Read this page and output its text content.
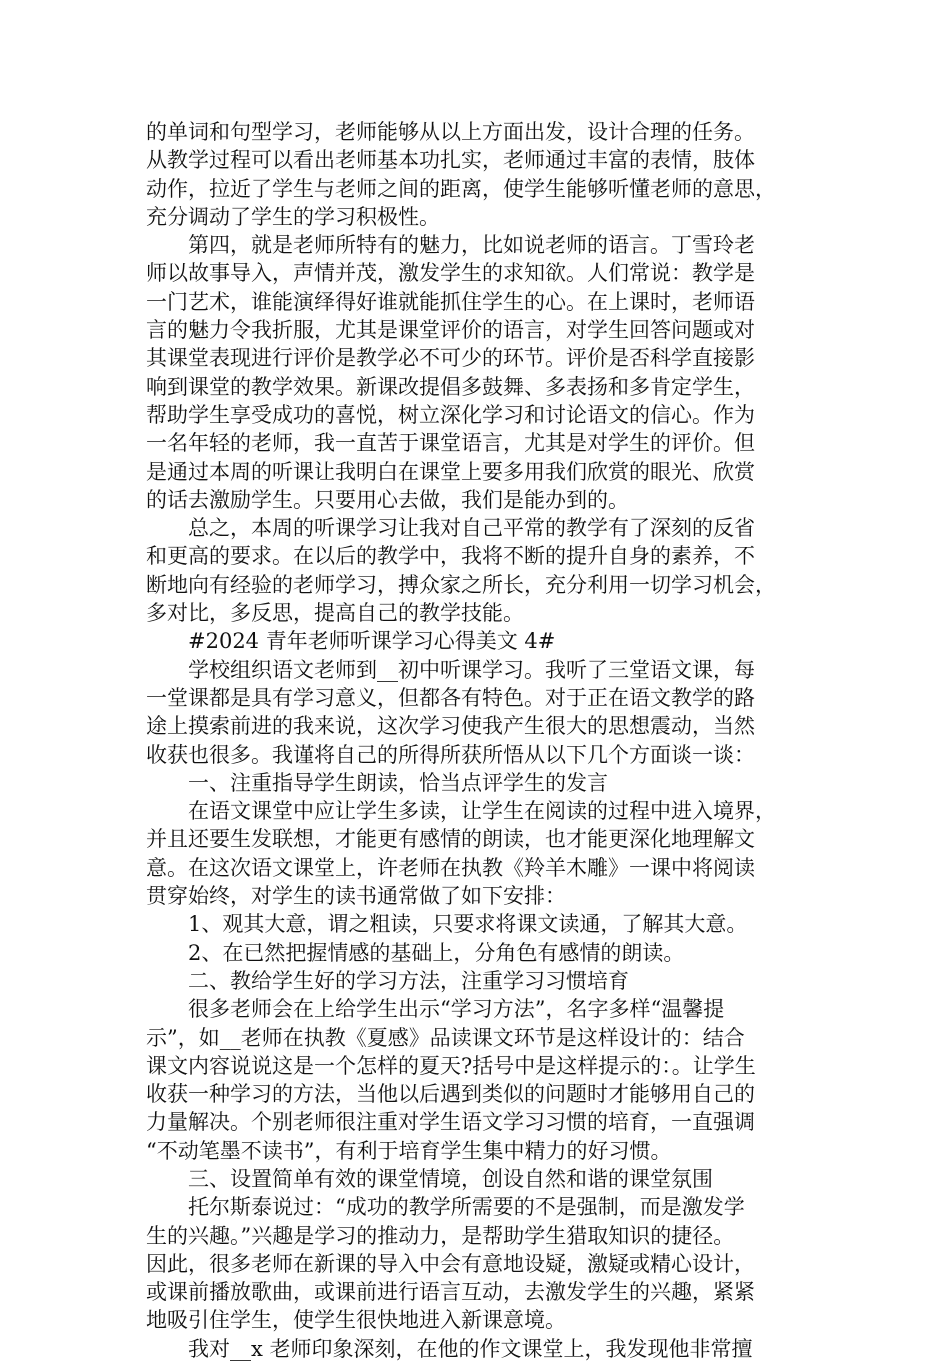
的单词和句型学习，老师能够从以上方面出发，设计合理的任务。
从教学过程可以看出老师基本功扎实，老师通过丰富的表情，肢体
动作，拉近了学生与老师之间的距离，使学生能够听懂老师的意思，
充分调动了学生的学习积极性。
第四，就是老师所特有的魅力，比如说老师的语言。丁雪玲老
师以故事导入，声情并茂，激发学生的求知欲。人们常说：教学是
一门艺术，谁能演绎得好谁就能抓住学生的心。在上课时，老师语
言的魅力令我折服，尤其是课堂评价的语言，对学生回答问题或对
其课堂表现进行评价是教学必不可少的环节。评价是否科学直接影
响到课堂的教学效果。新课改提倡多鼓舞、多表扬和多肯定学生，
帮助学生享受成功的喜悦，树立深化学习和讨论语文的信心。作为
一名年轻的老师，我一直苦于课堂语言，尤其是对学生的评价。但
是通过本周的听课让我明白在课堂上要多用我们欣赏的眼光、欣赏
的话去激励学生。只要用心去做，我们是能办到的。
总之，本周的听课学习让我对自己平常的教学有了深刻的反省
和更高的要求。在以后的教学中，我将不断的提升自身的素养，不
断地向有经验的老师学习，搏众家之所长，充分利用一切学习机会，
多对比，多反思，提高自己的教学技能。
#2024 青年老师听课学习心得美文 4#
学校组织语文老师到__初中听课学习。我听了三堂语文课，每
一堂课都是具有学习意义，但都各有特色。对于正在语文教学的路
途上摸索前进的我来说，这次学习使我产生很大的思想震动，当然
收获也很多。我谨将自己的所得所获所悟从以下几个方面谈一谈：
一、注重指导学生朗读，恰当点评学生的发言
在语文课堂中应让学生多读，让学生在阅读的过程中进入境界，
并且还要生发联想，才能更有感情的朗读，也才能更深化地理解文
意。在这次语文课堂上，许老师在执教《羚羊木雕》一课中将阅读
贯穿始终，对学生的读书通常做了如下安排：
1、观其大意，谓之粗读，只要求将课文读通，了解其大意。
2、在已然把握情感的基础上，分角色有感情的朗读。
二、教给学生好的学习方法，注重学习习惯培育
很多老师会在上给学生出示“学习方法”，名字多样“温馨提
示”，如__老师在执教《夏感》品读课文环节是这样设计的：结合
课文内容说说这是一个怎样的夏天?括号中是这样提示的：。让学生
收获一种学习的方法，当他以后遇到类似的问题时才能够用自己的
力量解决。个别老师很注重对学生语文学习习惯的培育，一直强调
“不动笔墨不读书”，有利于培育学生集中精力的好习惯。
三、设置简单有效的课堂情境，创设自然和谐的课堂氛围
托尔斯泰说过：“成功的教学所需要的不是强制，而是激发学
生的兴趣。”兴趣是学习的推动力，是帮助学生猎取知识的捷径。
因此，很多老师在新课的导入中会有意地设疑，激疑或精心设计，
或课前播放歌曲，或课前进行语言互动，去激发学生的兴趣，紧紧
地吸引住学生，使学生很快地进入新课意境。
我对__x 老师印象深刻，在他的作文课堂上，我发现他非常擅
